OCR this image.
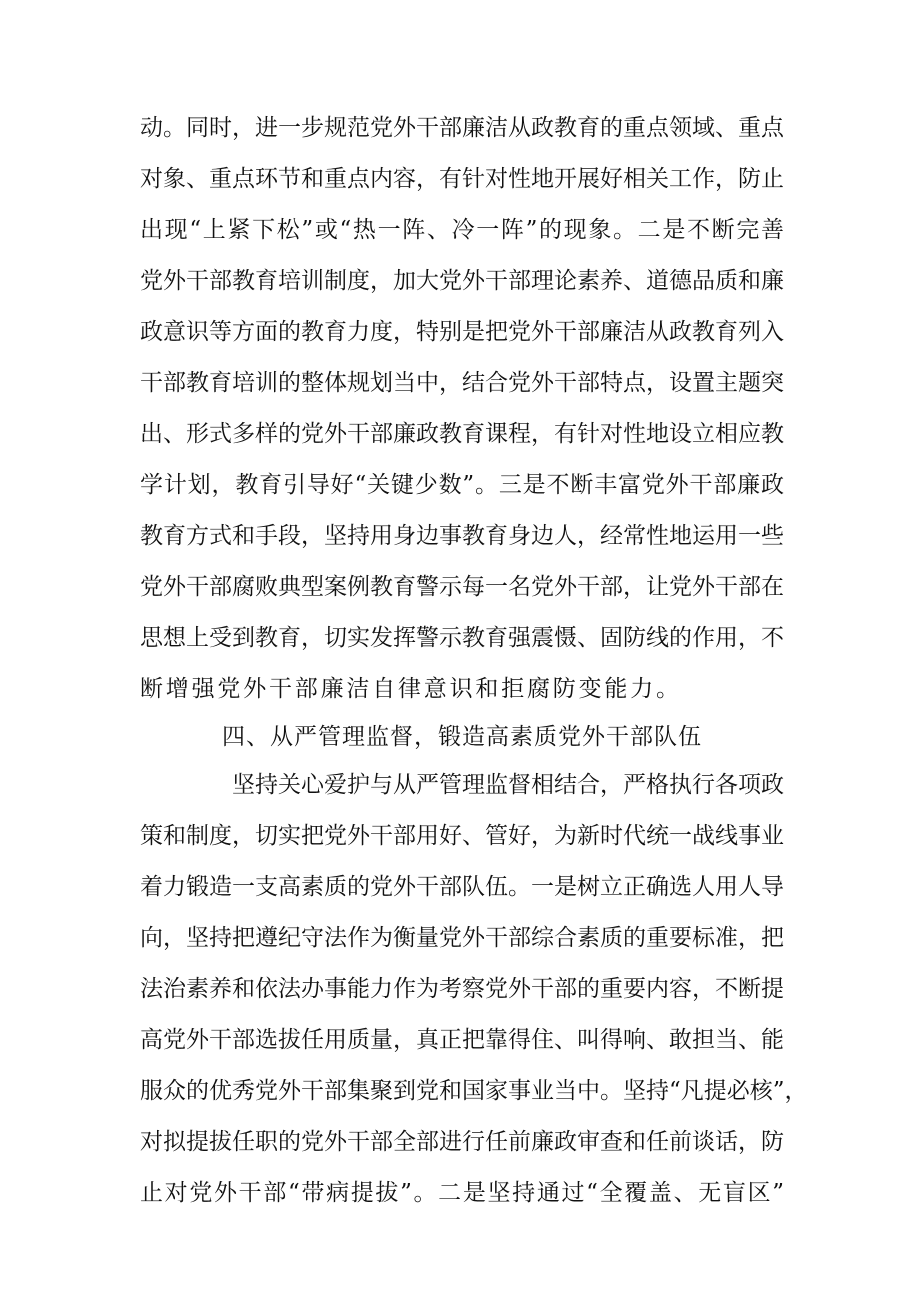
动。同时，进一步规范党外干部廉洁从政教育的重点领域、重点
对象、重点环节和重点内容，有针对性地开展好相关工作，防止
出现“上紧下松”或“热一阵、冷一阵”的现象。二是不断完善
党外干部教育培训制度，加大党外干部理论素养、道德品质和廉
政意识等方面的教育力度，特别是把党外干部廉洁从政教育列入
干部教育培训的整体规划当中，结合党外干部特点，设置主题突
出、形式多样的党外干部廉政教育课程，有针对性地设立相应教
学计划，教育引导好“关键少数”。三是不断丰富党外干部廉政
教育方式和手段，坚持用身边事教育身边人，经常性地运用一些
党外干部腐败典型案例教育警示每一名党外干部，让党外干部在
思想上受到教育，切实发挥警示教育强震慑、固防线的作用，不
断增强党外干部廉洁自律意识和拒腐防变能力。
四、从严管理监督，锻造高素质党外干部队伍
坚持关心爱护与从严管理监督相结合，严格执行各项政
策和制度，切实把党外干部用好、管好，为新时代统一战线事业
着力锻造一支高素质的党外干部队伍。一是树立正确选人用人导
向，坚持把遵纪守法作为衡量党外干部综合素质的重要标准，把
法治素养和依法办事能力作为考察党外干部的重要内容，不断提
高党外干部选拔任用质量，真正把靠得住、叫得响、敢担当、能
服众的优秀党外干部集聚到党和国家事业当中。坚持“凡提必核”，
对拟提拔任职的党外干部全部进行任前廉政审查和任前谈话，防
止对党外干部“带病提拔”。二是坚持通过“全覆盖、无盲区”
